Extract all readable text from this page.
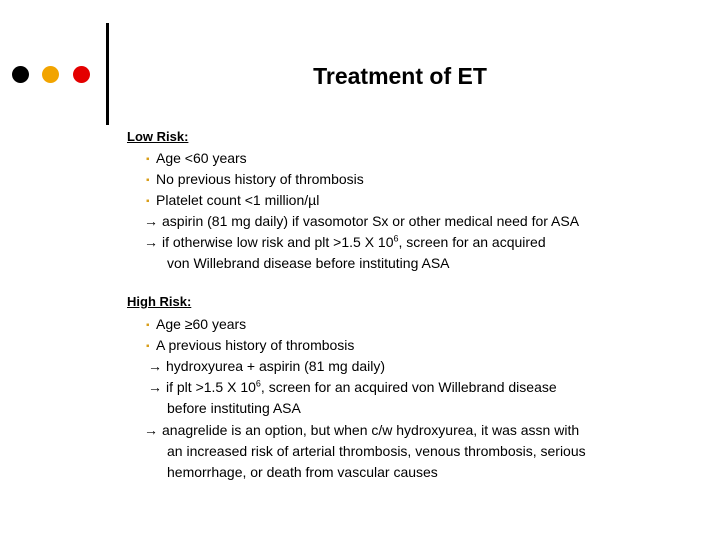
Treatment of ET
Low Risk:
▪ Age <60 years
▪ No previous history of thrombosis
▪ Platelet count <1 million/µl
→ aspirin (81 mg daily) if vasomotor Sx or other medical need for ASA
→ if otherwise low risk and plt >1.5 X $10^6$, screen for an acquired
von Willebrand disease before instituting ASA
High Risk:
▪ Age ≥60 years
▪ A previous history of thrombosis
→ hydroxyurea + aspirin (81 mg daily)
→ if plt >1.5 X $10^6$, screen for an acquired von Willebrand disease
before instituting ASA
→ anagrelide is an option, but when c/w hydroxyurea, it was assn with
an increased risk of arterial thrombosis, venous thrombosis, serious
hemorrhage, or death from vascular causes
